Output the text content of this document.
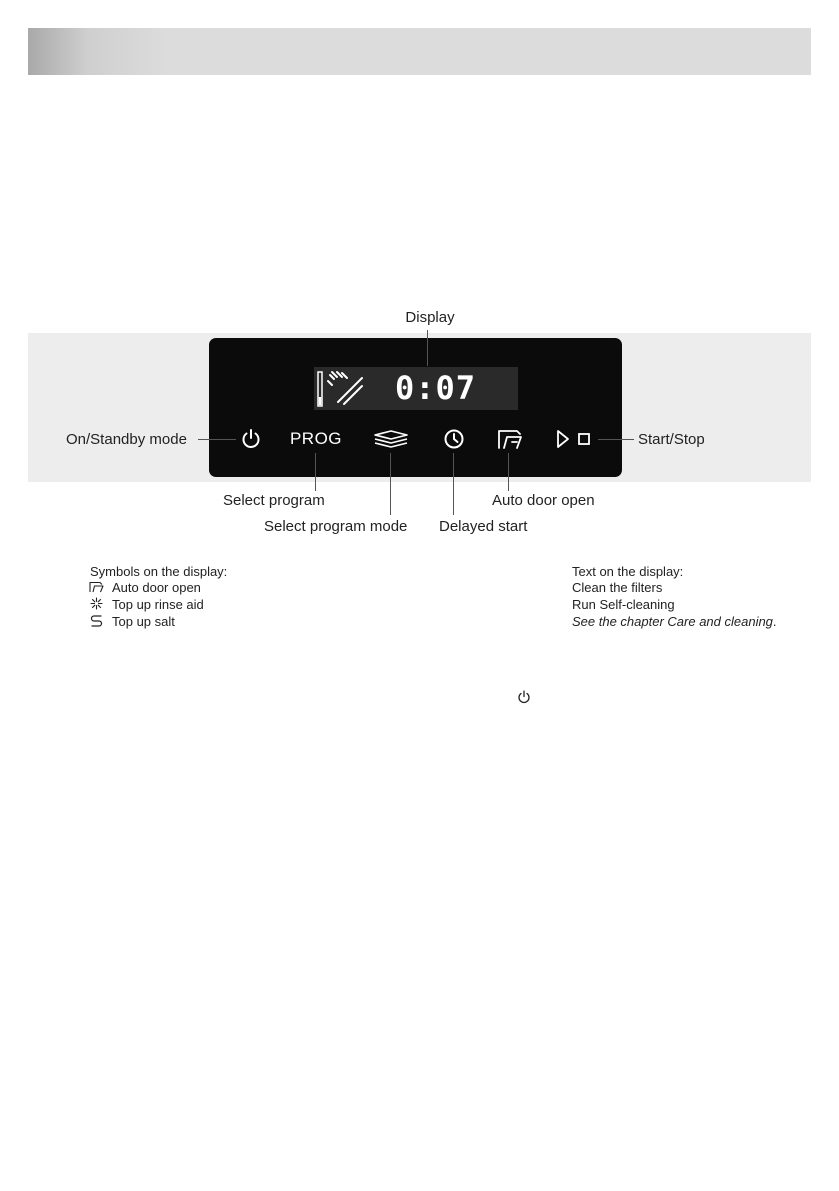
0:07
PROG
Display
On/Standby mode	Start/Stop
Select program
Select program mode Delayed start
Auto door open
Symbols on the display:
Auto door open
Top up rinse aid
Top up salt
Text on the display:
Clean the filters
Run Self-cleaning
See the chapter Care and cleaning.
